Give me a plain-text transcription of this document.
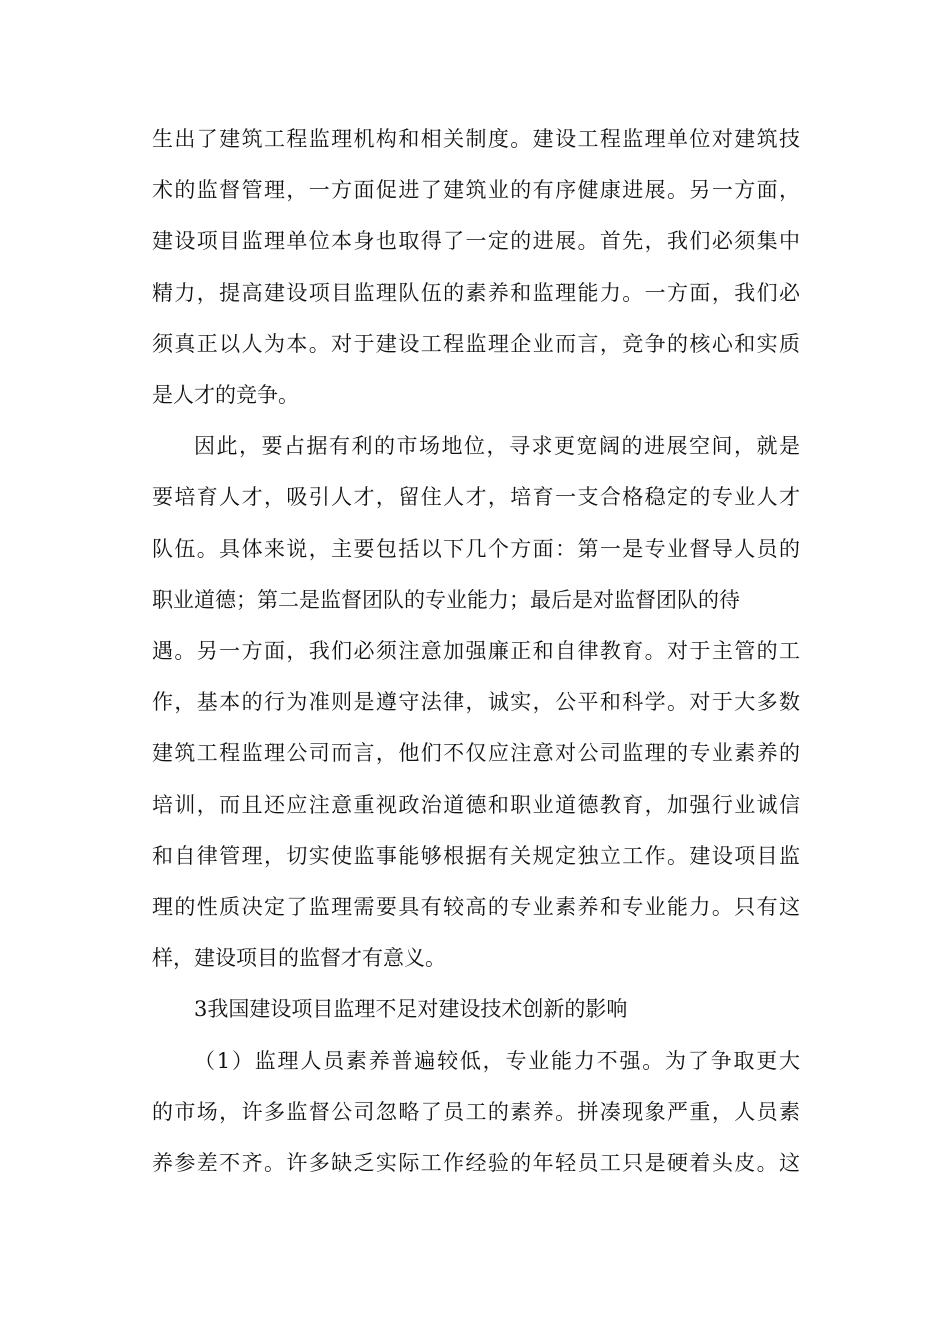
生出了建筑工程监理机构和相关制度。建设工程监理单位对建筑技
术的监督管理，一方面促进了建筑业的有序健康进展。另一方面，
建设项目监理单位本身也取得了一定的进展。首先，我们必须集中
精力，提高建设项目监理队伍的素养和监理能力。一方面，我们必
须真正以人为本。对于建设工程监理企业而言，竞争的核心和实质
是人才的竞争。
因此，要占据有利的市场地位，寻求更宽阔的进展空间，就是
要培育人才，吸引人才，留住人才，培育一支合格稳定的专业人才
队伍。具体来说，主要包括以下几个方面：第一是专业督导人员的
职业道德；第二是监督团队的专业能力；最后是对监督团队的待
遇。另一方面，我们必须注意加强廉正和自律教育。对于主管的工
作，基本的行为准则是遵守法律，诚实，公平和科学。对于大多数
建筑工程监理公司而言，他们不仅应注意对公司监理的专业素养的
培训，而且还应注意重视政治道德和职业道德教育，加强行业诚信
和自律管理，切实使监事能够根据有关规定独立工作。建设项目监
理的性质决定了监理需要具有较高的专业素养和专业能力。只有这
样，建设项目的监督才有意义。
3我国建设项目监理不足对建设技术创新的影响
（1）监理人员素养普遍较低，专业能力不强。为了争取更大
的市场，许多监督公司忽略了员工的素养。拼凑现象严重，人员素
养参差不齐。许多缺乏实际工作经验的年轻员工只是硬着头皮。这
